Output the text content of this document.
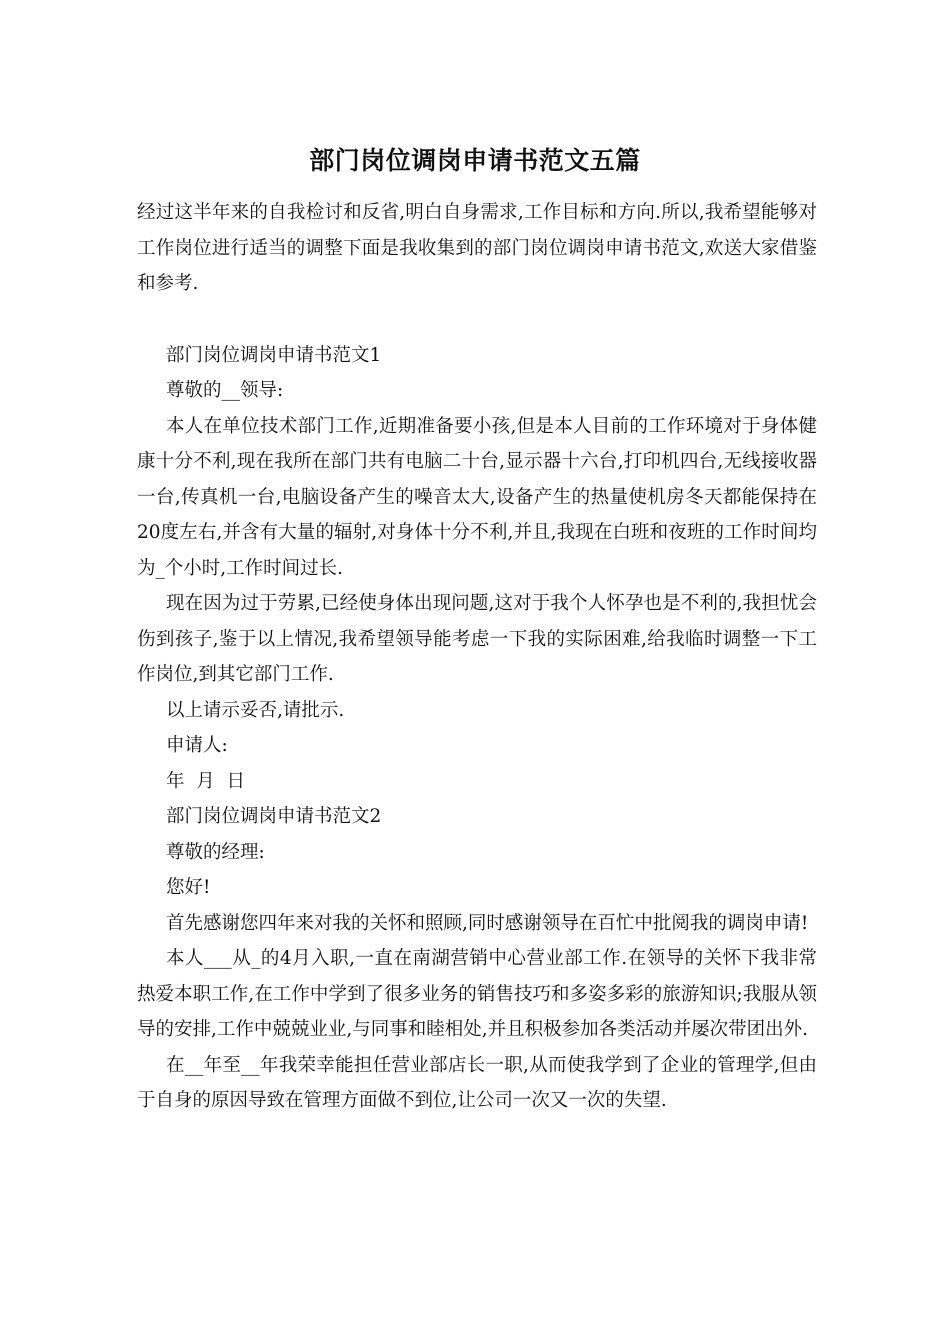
部门岗位调岗申请书范文五篇

经过这半年来的自我检讨和反省,明白自身需求,工作目标和方向.所以,我希望能够对工作岗位进行适当的调整下面是我收集到的部门岗位调岗申请书范文,欢送大家借鉴和参考.

部门岗位调岗申请书范文1

尊敬的__领导:

本人在单位技术部门工作,近期准备要小孩,但是本人目前的工作环境对于身体健康十分不利,现在我所在部门共有电脑二十台,显示器十六台,打印机四台,无线接收器一台,传真机一台,电脑设备产生的噪音太大,设备产生的热量使机房冬天都能保持在20度左右,并含有大量的辐射,对身体十分不利,并且,我现在白班和夜班的工作时间均为_个小时,工作时间过长.

现在因为过于劳累,已经使身体出现问题,这对于我个人怀孕也是不利的,我担忧会伤到孩子,鉴于以上情况,我希望领导能考虑一下我的实际困难,给我临时调整一下工作岗位,到其它部门工作.

以上请示妥否,请批示.

申请人:

年  月  日

部门岗位调岗申请书范文2

尊敬的经理:

您好!

首先感谢您四年来对我的关怀和照顾,同时感谢领导在百忙中批阅我的调岗申请!

本人___从_的4月入职,一直在南湖营销中心营业部工作.在领导的关怀下我非常热爱本职工作,在工作中学到了很多业务的销售技巧和多姿多彩的旅游知识;我服从领导的安排,工作中兢兢业业,与同事和睦相处,并且积极参加各类活动并屡次带团出外.

在__年至__年我荣幸能担任营业部店长一职,从而使我学到了企业的管理学,但由于自身的原因导致在管理方面做不到位,让公司一次又一次的失望.
